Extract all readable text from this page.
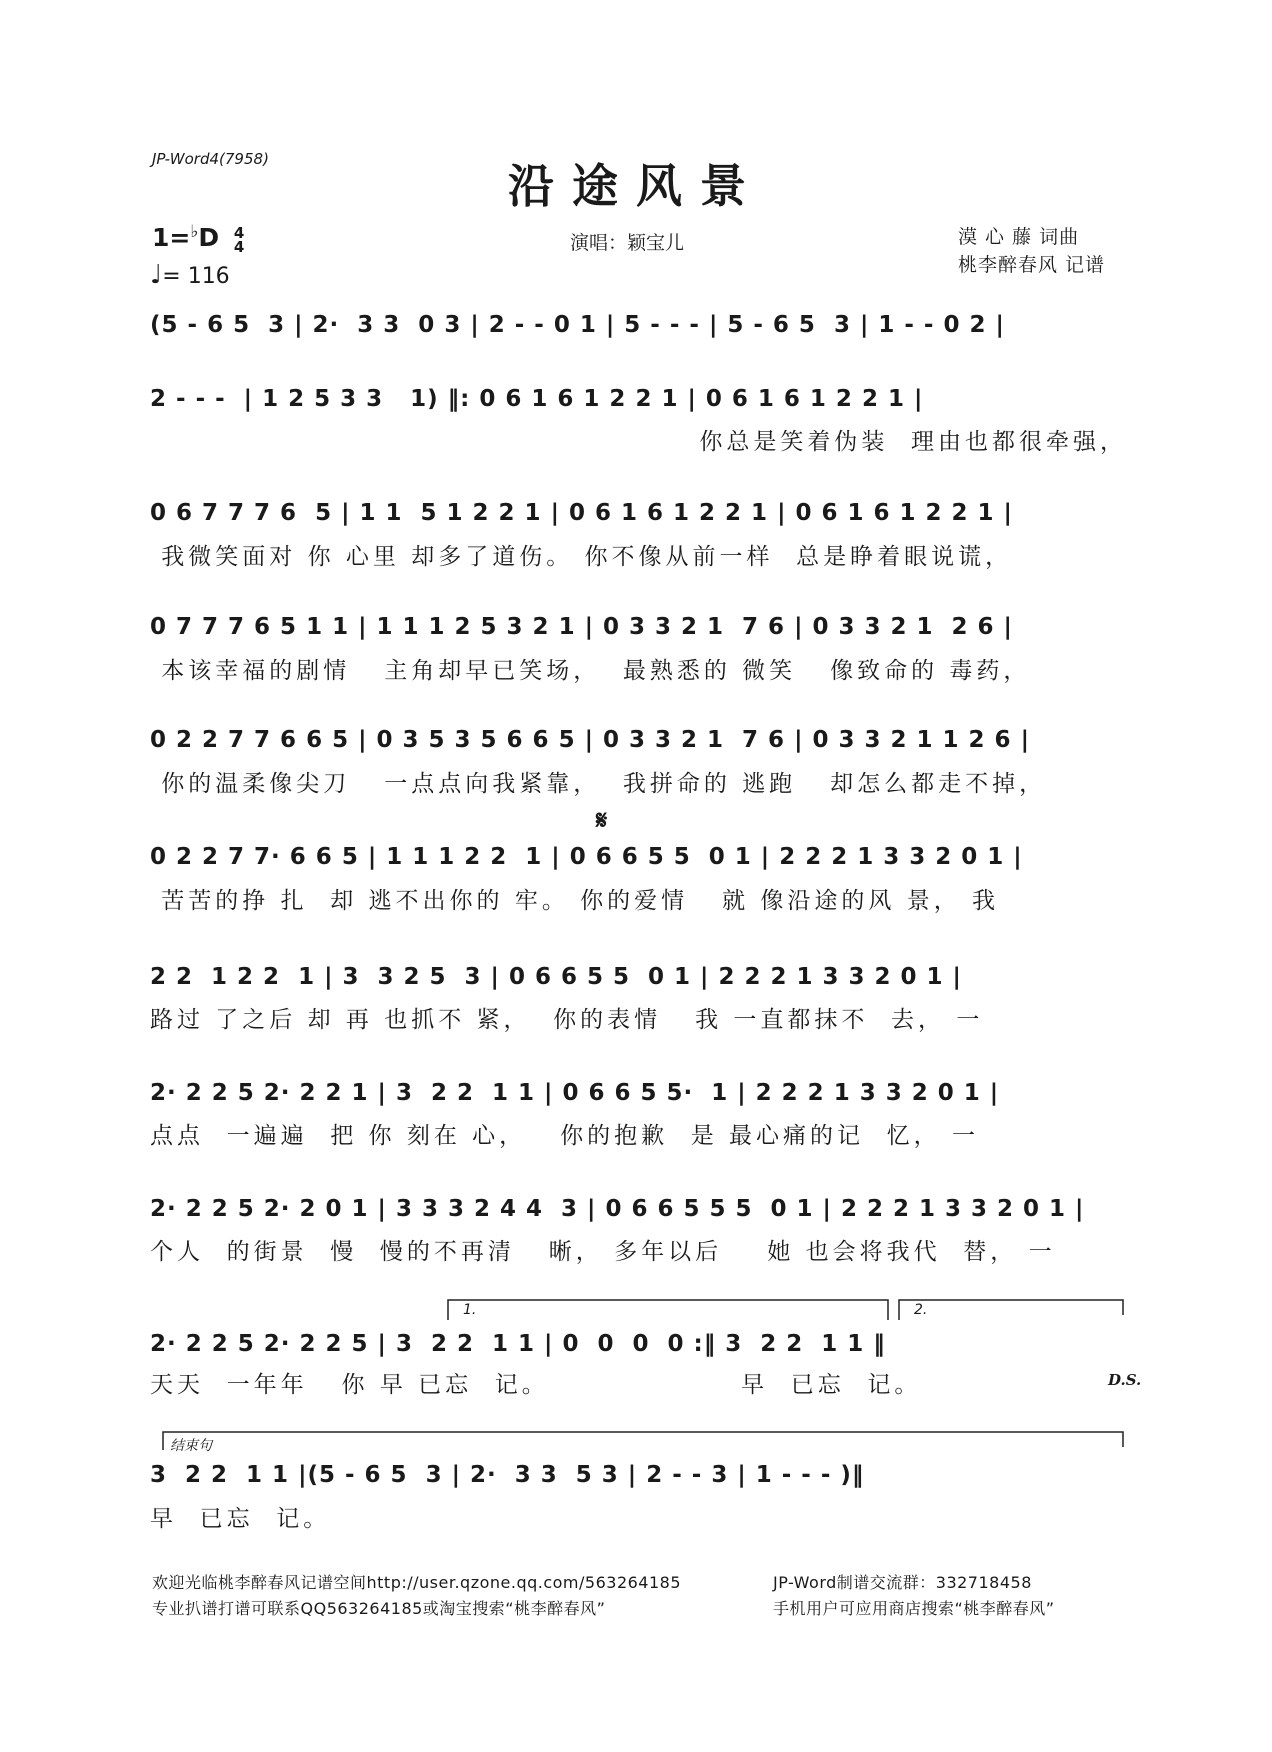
JP-Word4(7958)	沿途风景
1=♭D 4
4
♩= 116
演唱：颖宝儿	漠 心 藤 词曲
桃李醉春风 记谱
(5 - 6 5  3 | 2·  3 3  0 3 | 2 - - 0 1 | 5 - - - | 5 - 6 5  3 | 1 - - 0 2 |
2 - - -  | 1 2 5 3 3   1) ‖: 0 6 1 6 1 2 2 1 | 0 6 1 6 1 2 2 1 |
你总是笑着伪装  理由也都很牵强，
0 6 7 7 7 6  5 | 1 1  5 1 2 2 1 | 0 6 1 6 1 2 2 1 | 0 6 1 6 1 2 2 1 |
我微笑面对 你 心里 却多了道伤。 你不像从前一样  总是睁着眼说谎，
0 7 7 7 6 5 1 1 | 1 1 1 2 5 3 2 1 | 0 3 3 2 1  7 6 | 0 3 3 2 1  2 6 |
本该幸福的剧情   主角却早已笑场，  最熟悉的 微笑   像致命的 毒药，
0 2 2 7 7 6 6 5 | 0 3 5 3 5 6 6 5 | 0 3 3 2 1  7 6 | 0 3 3 2 1 1 2 6 |
你的温柔像尖刀   一点点向我紧靠，  我拼命的 逃跑   却怎么都走不掉，
𝄋
0 2 2 7 7· 6 6 5 | 1 1 1 2 2  1 | 0 6 6 5 5  0 1 | 2 2 2 1 3 3 2 0 1 |
苦苦的挣 扎  却 逃不出你的 牢。 你的爱情   就 像沿途的风 景， 我
2 2  1 2 2  1 | 3  3 2 5  3 | 0 6 6 5 5  0 1 | 2 2 2 1 3 3 2 0 1 |
路过 了之后 却 再 也抓不 紧，  你的表情   我 一直都抹不  去， 一
2· 2 2 5 2· 2 2 1 | 3  2 2  1 1 | 0 6 6 5 5·  1 | 2 2 2 1 3 3 2 0 1 |
点点  一遍遍  把 你 刻在 心，   你的抱歉  是 最心痛的记  忆， 一
2· 2 2 5 2· 2 0 1 | 3 3 3 2 4 4  3 | 0 6 6 5 5 5  0 1 | 2 2 2 1 3 3 2 0 1 |
个人  的街景  慢  慢的不再清   晰， 多年以后    她 也会将我代  替， 一
1.	2.
2· 2 2 5 2· 2 2 5 | 3  2 2  1 1 | 0  0  0  0 :‖ 3  2 2  1 1 ‖
天天  一年年   你 早 已忘  记。                 早  已忘  记。	D.S.
结束句
3  2 2  1 1 |(5 - 6 5  3 | 2·  3 3  5 3 | 2 - - 3 | 1 - - - )‖
早  已忘  记。
欢迎光临桃李醉春风记谱空间http://user.qzone.qq.com/563264185	JP-Word制谱交流群：332718458
专业扒谱打谱可联系QQ563264185或淘宝搜索“桃李醉春风”	手机用户可应用商店搜索“桃李醉春风”
